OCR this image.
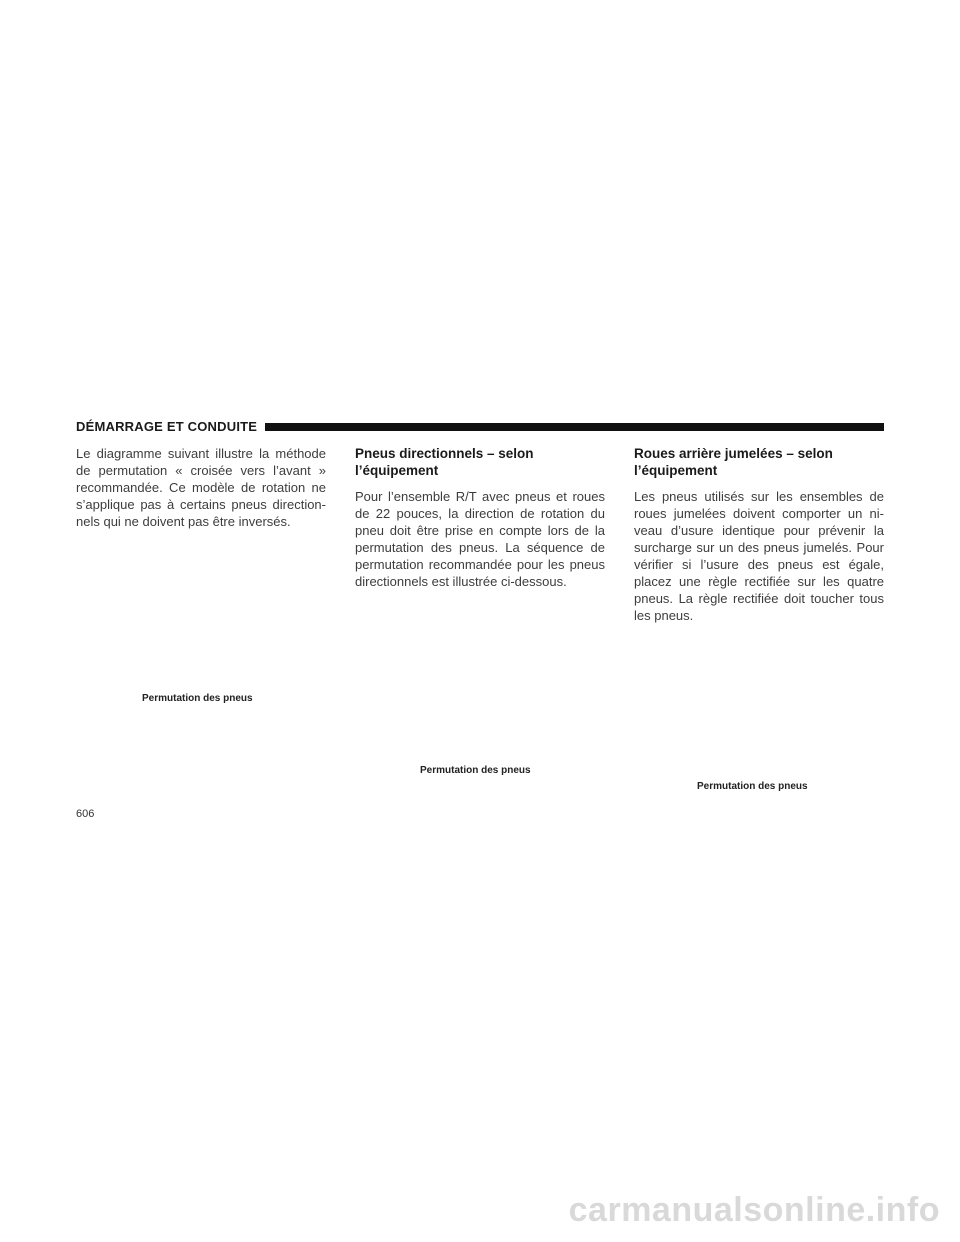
DÉMARRAGE ET CONDUITE

Le diagramme suivant illustre la méthode de permutation « croisée vers l’avant » recommandée. Ce modèle de rotation ne s’applique pas à certains pneus direction-nels qui ne doivent pas être inversés.

Pneus directionnels – selon l’équipement

Pour l’ensemble R/T avec pneus et roues de 22 pouces, la direction de rotation du pneu doit être prise en compte lors de la permutation des pneus. La séquence de permutation recommandée pour les pneus directionnels est illustrée ci-dessous.

Roues arrière jumelées – selon l’équipement

Les pneus utilisés sur les ensembles de roues jumelées doivent comporter un ni-veau d’usure identique pour prévenir la surcharge sur un des pneus jumelés. Pour vérifier si l’usure des pneus est égale, placez une règle rectifiée sur les quatre pneus. La règle rectifiée doit toucher tous les pneus.

Permutation des pneus
Permutation des pneus
Permutation des pneus
606
carmanualsonline.info
